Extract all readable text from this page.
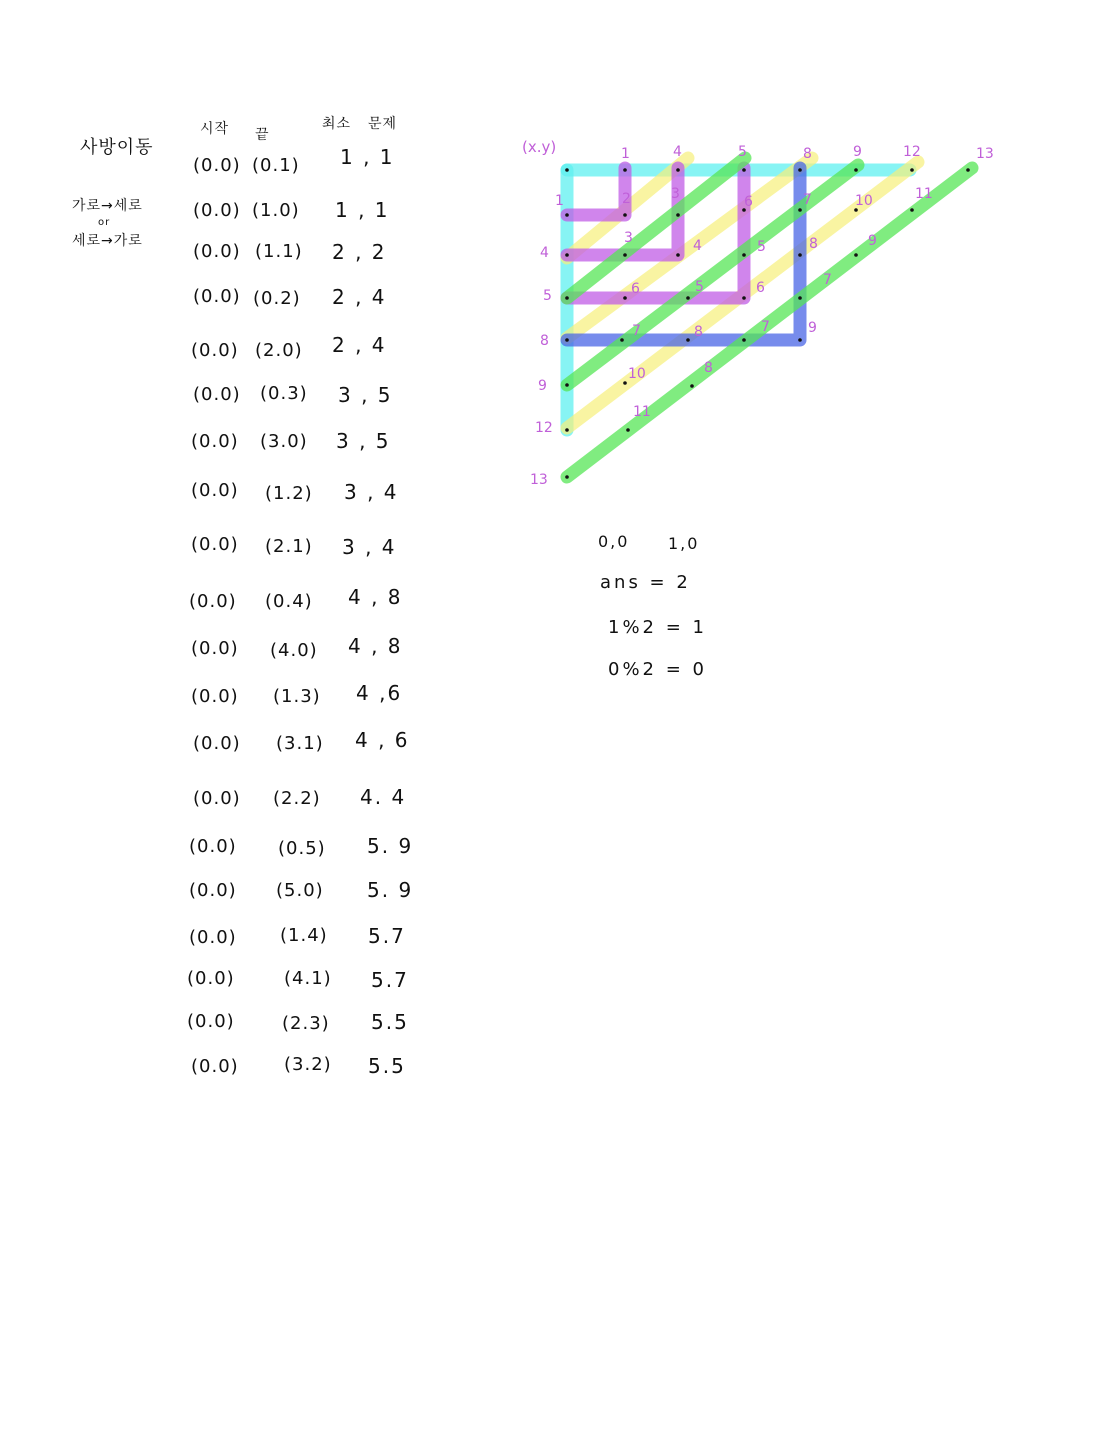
사방이동
가로→세로
or
세로→가로
시작 끝
최소 문제
(0.0) (0.1) 1 , 1
(0.0) (1.0) 1 , 1
(0.0) (1.1) 2 , 2
(0.0) (0.2) 2 , 4
(0.0) (2.0) 2 , 4
(0.0) (0.3) 3 , 5
(0.0) (3.0) 3 , 5
(0.0) (1.2) 3 , 4
(0.0) (2.1) 3 , 4
(0.0) (0.4) 4 , 8
(0.0) (4.0) 4 , 8
(0.0) (1.3) 4 ,6
(0.0) (3.1) 4 , 6
(0.0) (2.2) 4. 4
(0.0) (0.5) 5. 9
(0.0) (5.0) 5. 9
(0.0) (1.4) 5.7
(0.0)	(4.1) 5.7
(0.0)	(2.3) 5.5
(0.0)	(3.2) 5.5
(x.y)	1	4	5	8	9	12	13
1
4
5
8
9
12
13
2	3
3	4
5
6
6
5
6
7
7	8	7
8
9
10
11
10	11
9
7
8
0,0 1,0
ans = 2
1%2 = 1
0%2 = 0
